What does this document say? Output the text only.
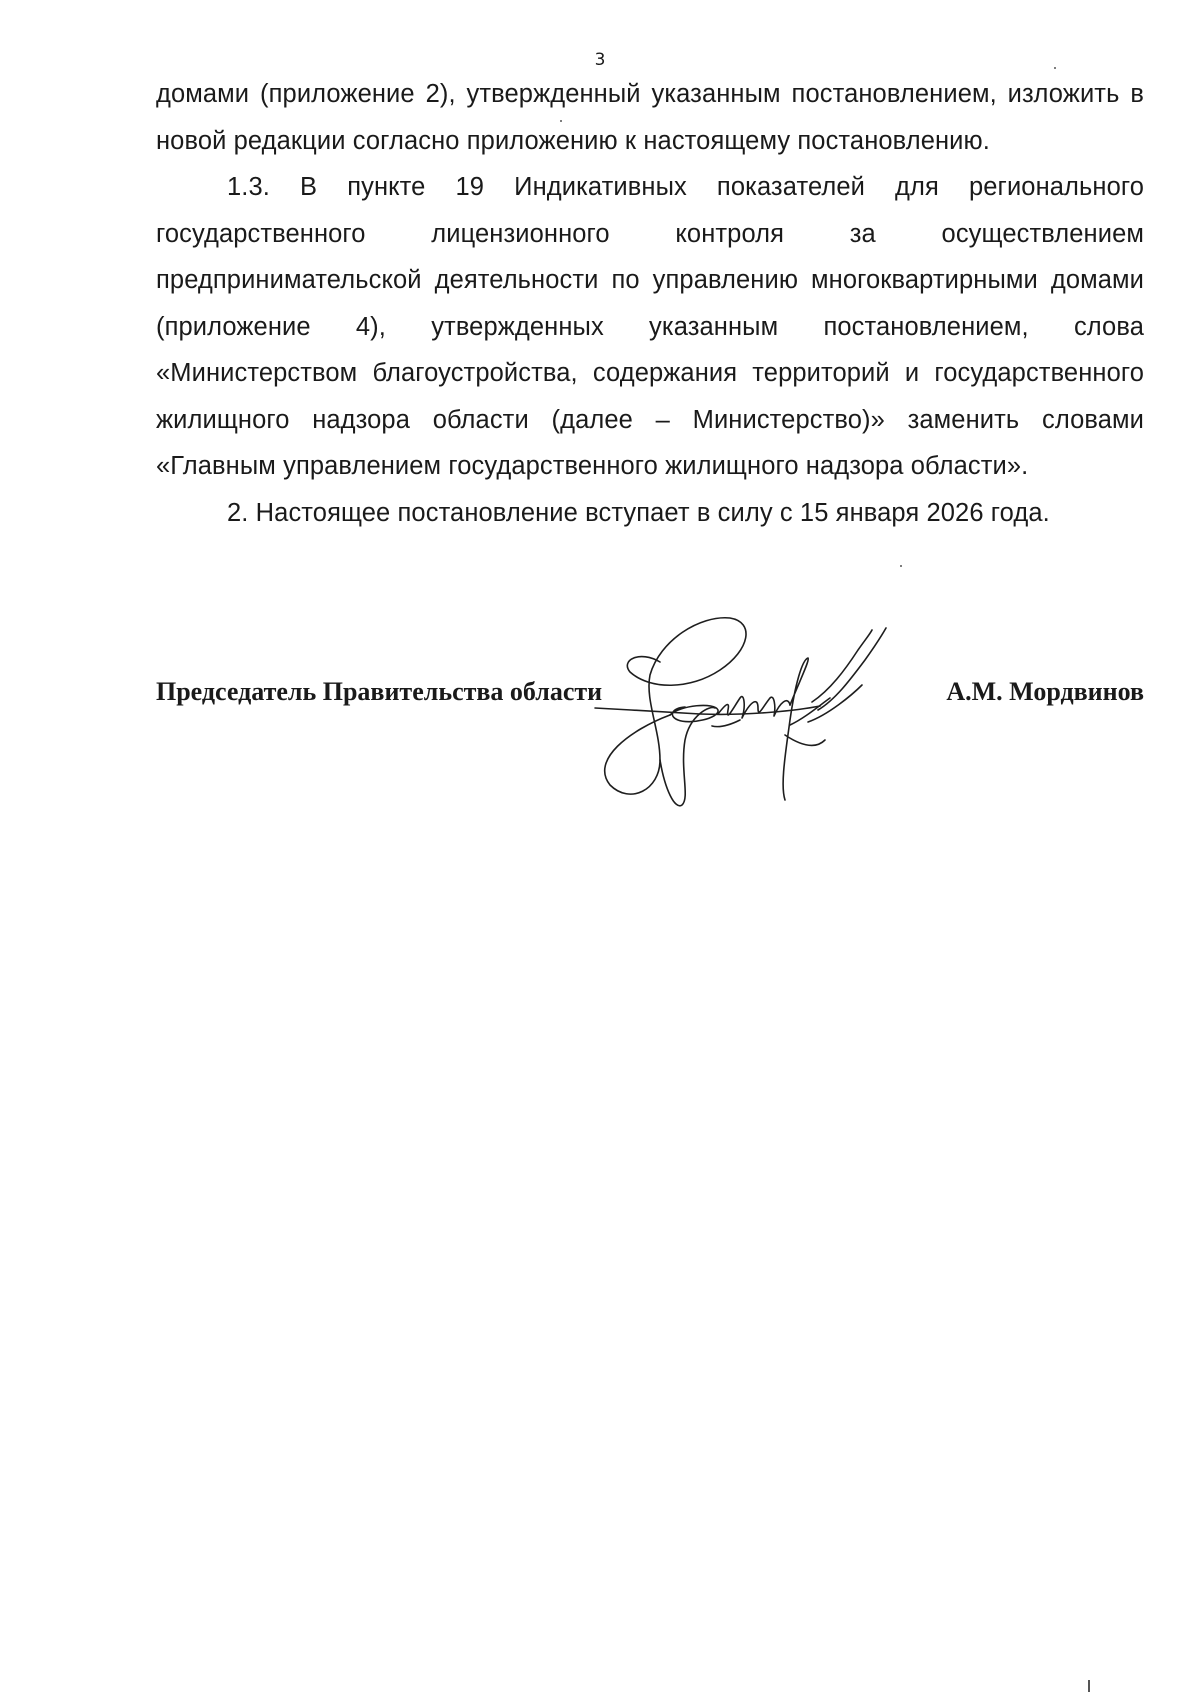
3

домами (приложение 2), утвержденный указанным постановлением, изложить в новой редакции согласно приложению к настоящему постановлению.

1.3. В пункте 19 Индикативных показателей для регионального государственного лицензионного контроля за осуществлением предпринимательской деятельности по управлению многоквартирными домами (приложение 4), утвержденных указанным постановлением, слова «Министерством благоустройства, содержания территорий и государственного жилищного надзора области (далее – Министерство)» заменить словами «Главным управлением государственного жилищного надзора области».

2. Настоящее постановление вступает в силу с 15 января 2026 года.

Председатель Правительства области	А.М. Мордвинов
